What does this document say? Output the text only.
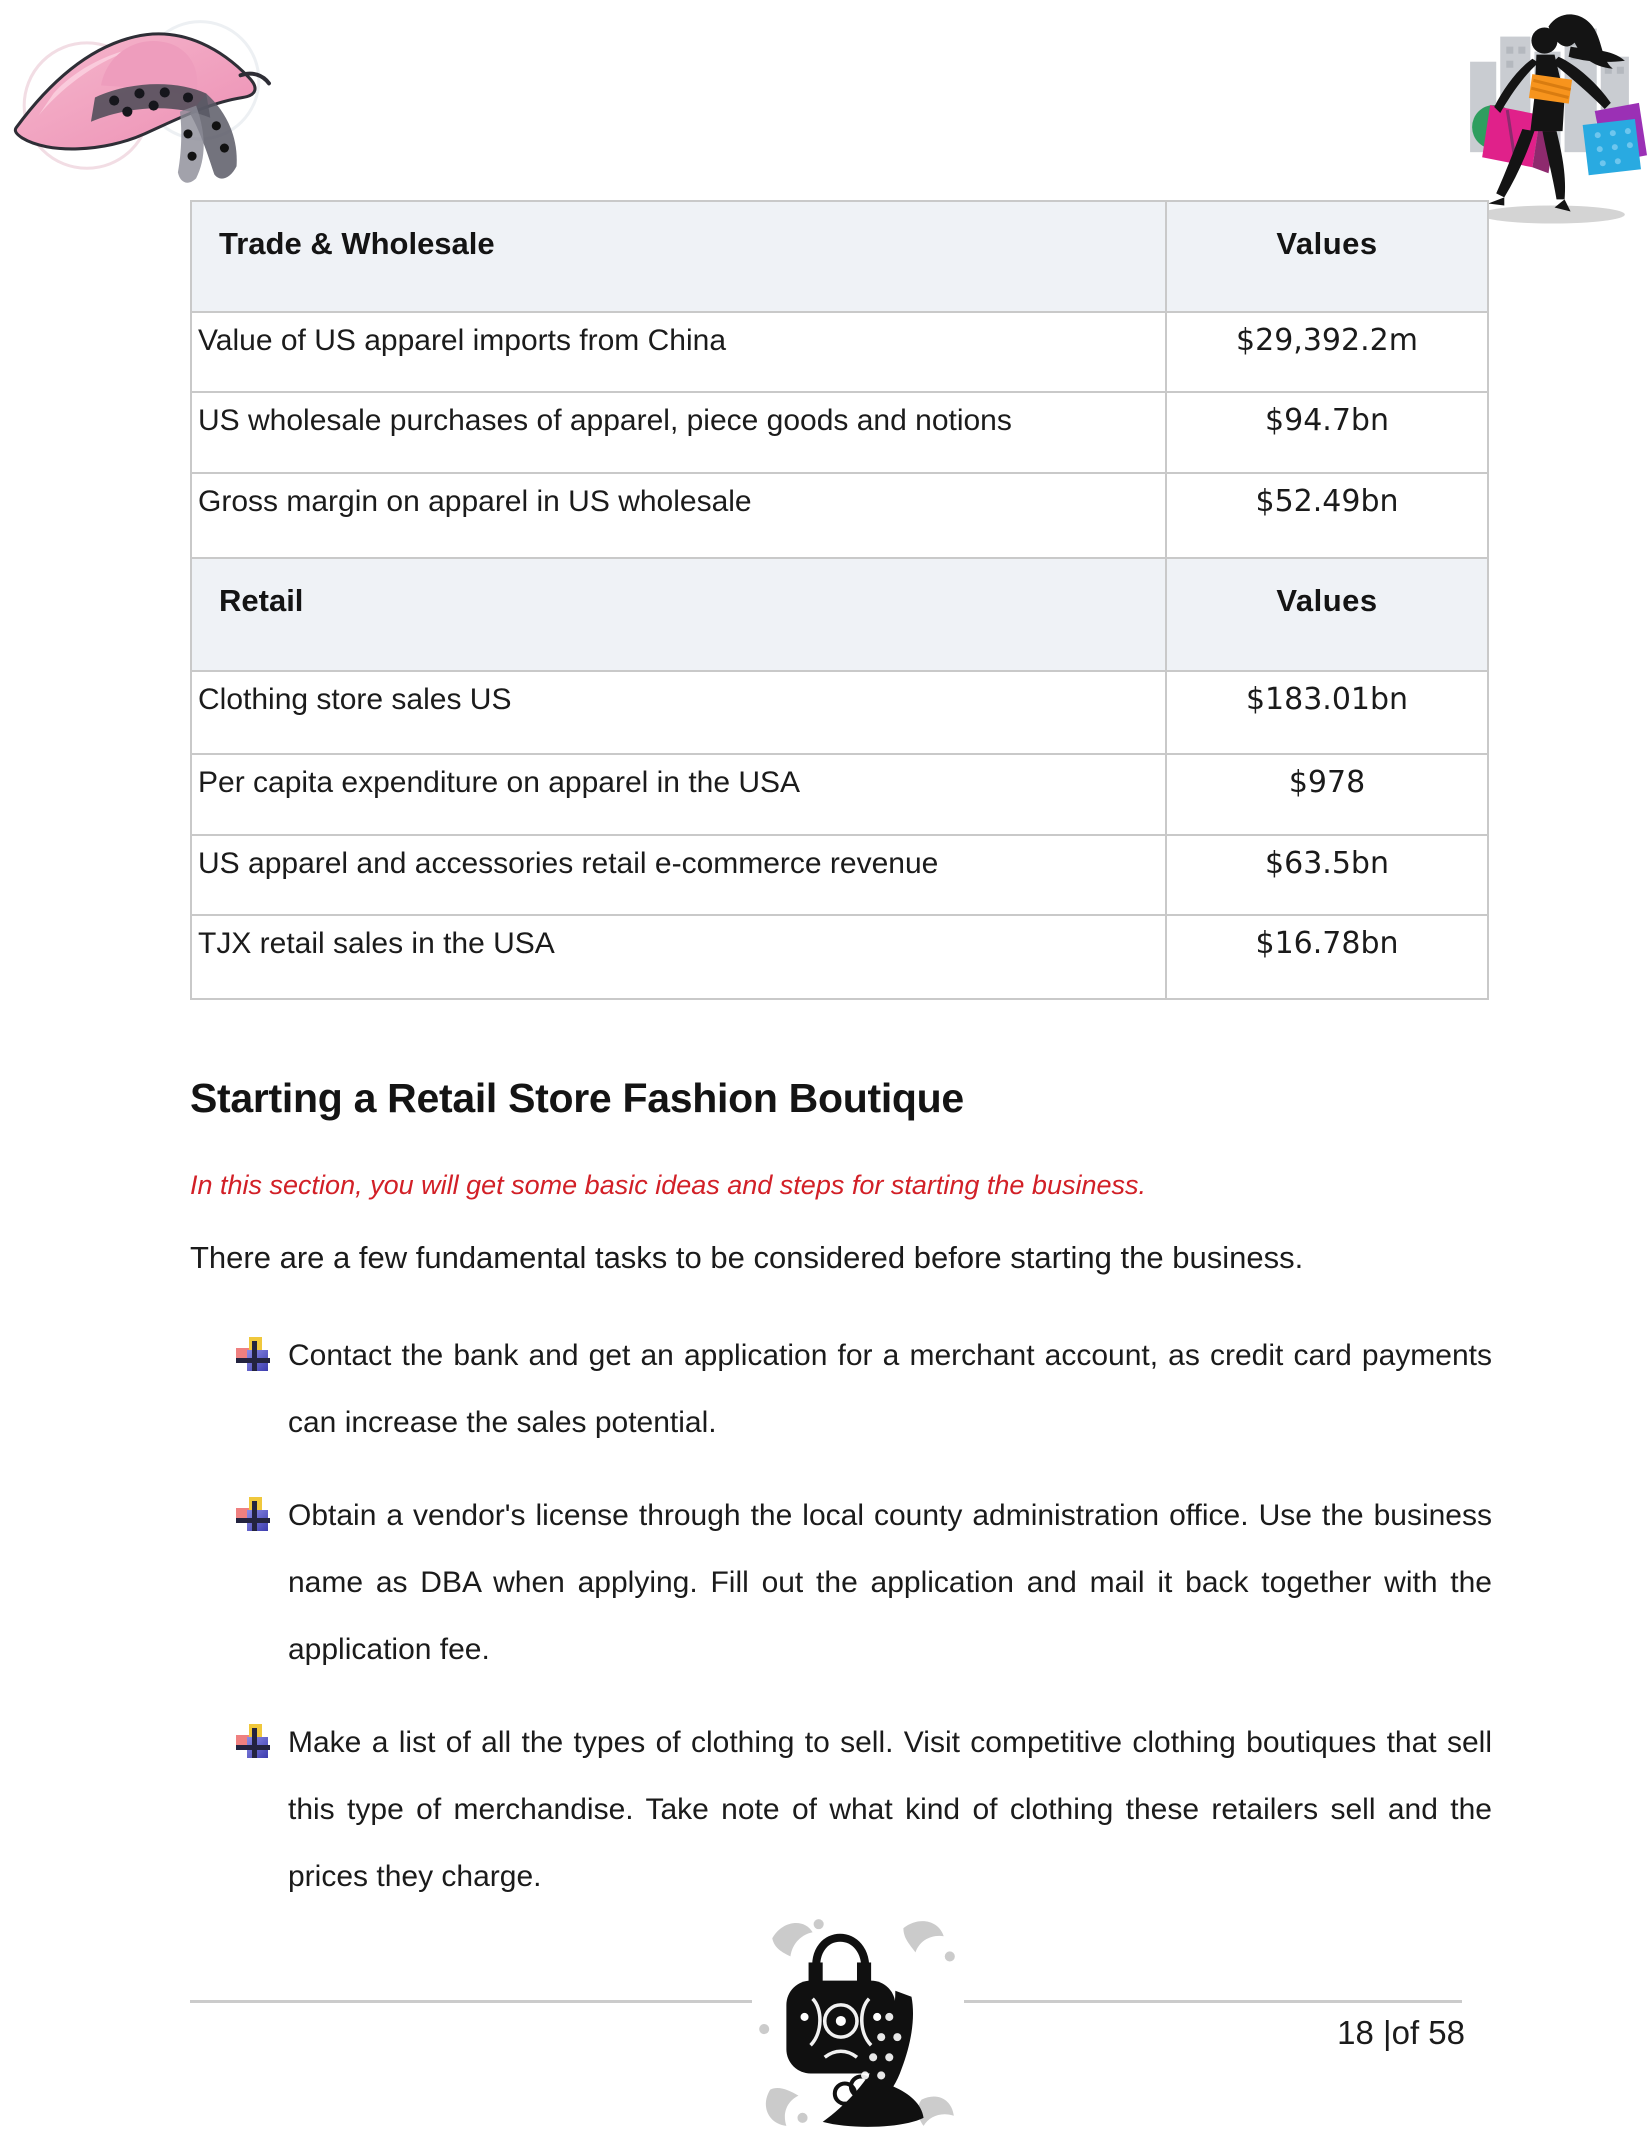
Trade & Wholesale	Values
Value of US apparel imports from China	$29,392.2m
US wholesale purchases of apparel, piece goods and notions	$94.7bn
Gross margin on apparel in US wholesale	$52.49bn
Retail	Values
Clothing store sales US	$183.01bn
Per capita expenditure on apparel in the USA	$978
US apparel and accessories retail e-commerce revenue	$63.5bn
TJX retail sales in the USA	$16.78bn
Starting a Retail Store Fashion Boutique
In this section, you will get some basic ideas and steps for starting the business.
There are a few fundamental tasks to be considered before starting the business.
Contact the bank and get an application for a merchant account, as credit card payments can increase the sales potential.
Obtain a vendor's license through the local county administration office. Use the business name as DBA when applying. Fill out the application and mail it back together with the application fee.
Make a list of all the types of clothing to sell. Visit competitive clothing boutiques that sell this type of merchandise. Take note of what kind of clothing these retailers sell and the prices they charge.
18 |of 58
